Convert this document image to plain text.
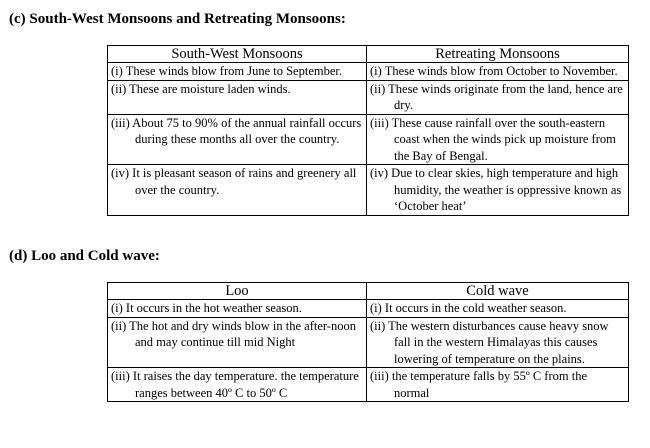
(c) South-West Monsoons and Retreating Monsoons:
South-West Monsoons	Retreating Monsoons

(i) These winds blow from June to September.	(i) These winds blow from October to November.

(ii) These are moisture laden winds.	(ii) These winds originate from the land, hence are dry.

(iii) About 75 to 90% of the annual rainfall occurs during these months all over the country.	(iii) These cause rainfall over the south-eastern coast when the winds pick up moisture from the Bay of Bengal.

(iv) It is pleasant season of rains and greenery all over the country.	(iv) Due to clear skies, high temperature and high humidity, the weather is oppressive known as ‘October heat’
(d) Loo and Cold wave:
Loo	Cold wave

(i) It occurs in the hot weather season.	(i) It occurs in the cold weather season.

(ii) The hot and dry winds blow in the after-noon and may continue till mid Night	(ii) The western disturbances cause heavy snow fall in the western Himalayas this causes lowering of temperature on the plains.

(iii) It raises the day temperature. the temperature ranges between 40º C to 50º C	(iii) the temperature falls by 55º C from the normal
